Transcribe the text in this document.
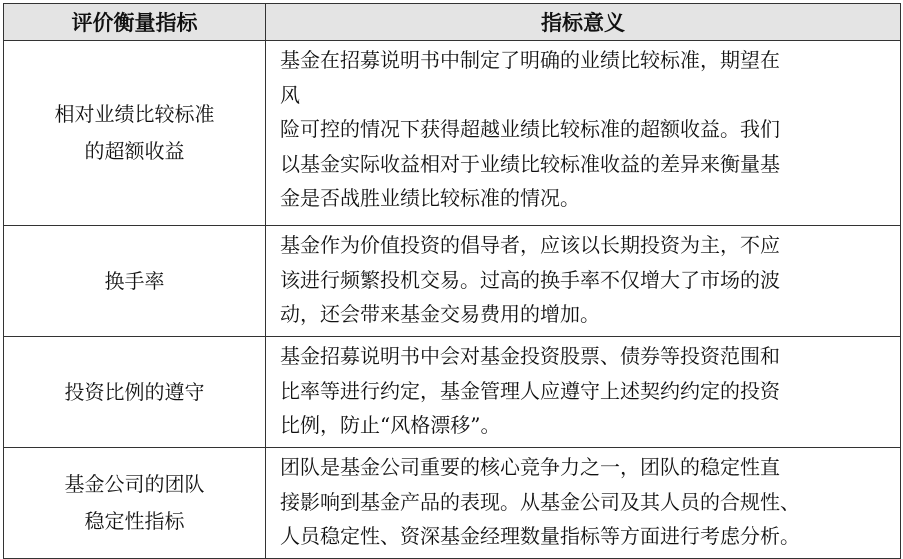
评价衡量指标	指标意义

相对业绩比较标准
的超额收益	基金在招募说明书中制定了明确的业绩比较标准，期望在
风
险可控的情况下获得超越业绩比较标准的超额收益。我们
以基金实际收益相对于业绩比较标准收益的差异来衡量基
金是否战胜业绩比较标准的情况。

换手率	基金作为价值投资的倡导者，应该以长期投资为主，不应
该进行频繁投机交易。过高的换手率不仅增大了市场的波
动，还会带来基金交易费用的增加。

投资比例的遵守	基金招募说明书中会对基金投资股票、债券等投资范围和
比率等进行约定，基金管理人应遵守上述契约约定的投资
比例，防止“风格漂移”。

基金公司的团队
稳定性指标	团队是基金公司重要的核心竞争力之一，团队的稳定性直
接影响到基金产品的表现。从基金公司及其人员的合规性、
人员稳定性、资深基金经理数量指标等方面进行考虑分析。
